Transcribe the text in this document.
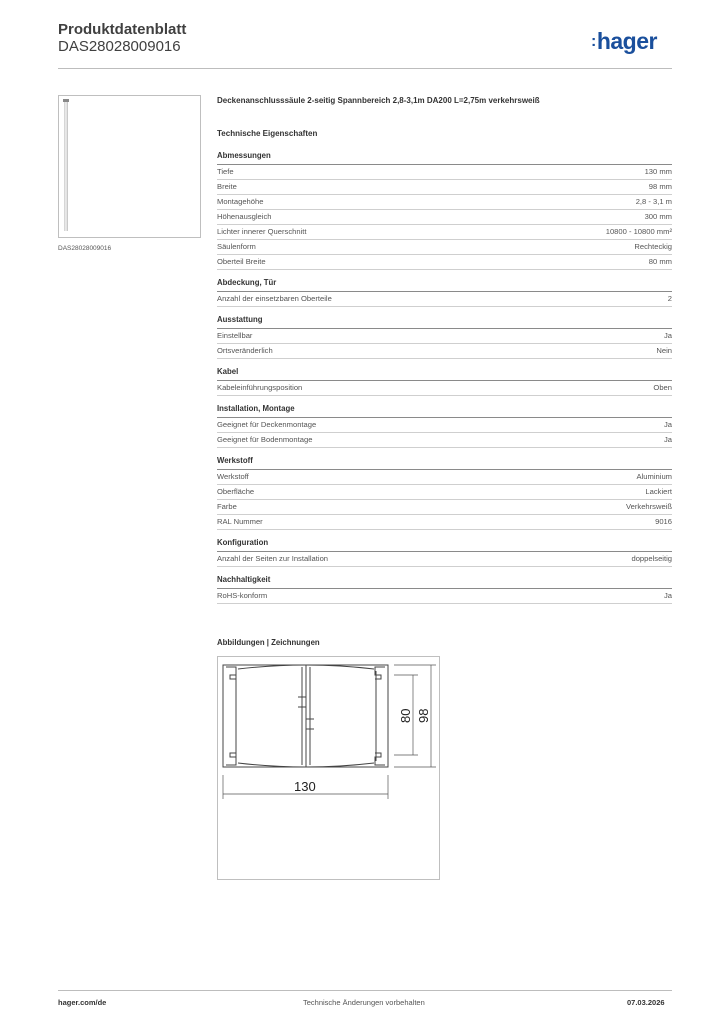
Produktdatenblatt
DAS28028009016	:hager
DAS28028009016
Deckenanschlusssäule 2-seitig Spannbereich 2,8-3,1m DA200 L=2,75m verkehrsweiß
Technische Eigenschaften
Abmessungen
Tiefe	130 mm
Breite	98 mm
Montagehöhe	2,8 - 3,1 m
Höhenausgleich	300 mm
Lichter innerer Querschnitt	10800 - 10800 mm²
Säulenform	Rechteckig
Oberteil Breite	80 mm
Abdeckung, Tür
Anzahl der einsetzbaren Oberteile	2
Ausstattung
Einstellbar	Ja
Ortsveränderlich	Nein
Kabel
Kabeleinführungsposition	Oben
Installation, Montage
Geeignet für Deckenmontage	Ja
Geeignet für Bodenmontage	Ja
Werkstoff
Werkstoff	Aluminium
Oberfläche	Lackiert
Farbe	Verkehrsweiß
RAL Nummer	9016
Konfiguration
Anzahl der Seiten zur Installation	doppelseitig
Nachhaltigkeit
RoHS-konform	Ja
Abbildungen | Zeichnungen
130
80 98
hager.com/de	Technische Änderungen vorbehalten	07.03.2026
